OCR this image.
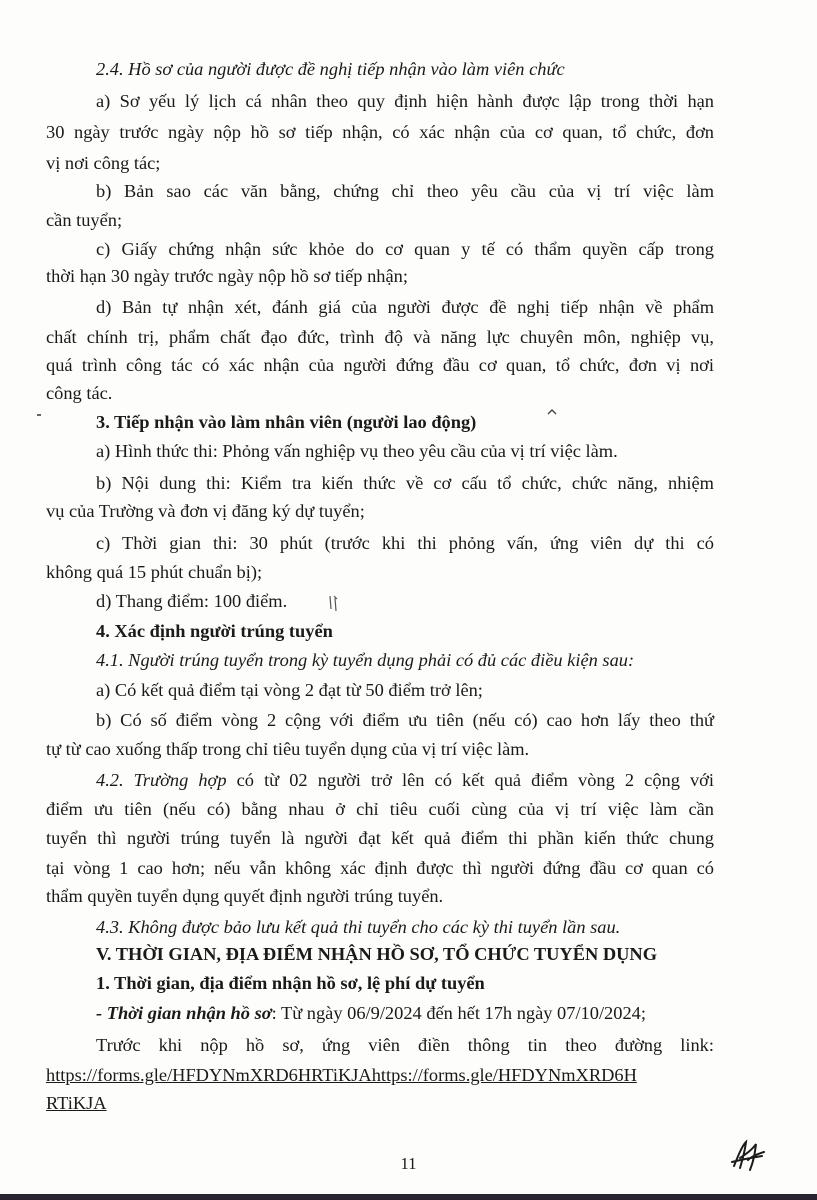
2.4. Hồ sơ của người được đề nghị tiếp nhận vào làm viên chức
a) Sơ yếu lý lịch cá nhân theo quy định hiện hành được lập trong thời hạn
30 ngày trước ngày nộp hồ sơ tiếp nhận, có xác nhận của cơ quan, tổ chức, đơn
vị nơi công tác;
b) Bản sao các văn bằng, chứng chỉ theo yêu cầu của vị trí việc làm
cần tuyển;
c) Giấy chứng nhận sức khỏe do cơ quan y tế có thẩm quyền cấp trong
thời hạn 30 ngày trước ngày nộp hồ sơ tiếp nhận;
d) Bản tự nhận xét, đánh giá của người được đề nghị tiếp nhận về phẩm
chất chính trị, phẩm chất đạo đức, trình độ và năng lực chuyên môn, nghiệp vụ,
quá trình công tác có xác nhận của người đứng đầu cơ quan, tổ chức, đơn vị nơi
công tác.
3. Tiếp nhận vào làm nhân viên (người lao động)
a) Hình thức thi: Phỏng vấn nghiệp vụ theo yêu cầu của vị trí việc làm.
b) Nội dung thi: Kiểm tra kiến thức về cơ cấu tổ chức, chức năng, nhiệm
vụ của Trường và đơn vị đăng ký dự tuyển;
c) Thời gian thi: 30 phút (trước khi thi phỏng vấn, ứng viên dự thi có
không quá 15 phút chuẩn bị);
d) Thang điểm: 100 điểm.
4. Xác định người trúng tuyển
4.1. Người trúng tuyển trong kỳ tuyển dụng phải có đủ các điều kiện sau:
a) Có kết quả điểm tại vòng 2 đạt từ 50 điểm trở lên;
b) Có số điểm vòng 2 cộng với điểm ưu tiên (nếu có) cao hơn lấy theo thứ
tự từ cao xuống thấp trong chỉ tiêu tuyển dụng của vị trí việc làm.
4.2. Trường hợp có từ 02 người trở lên có kết quả điểm vòng 2 cộng với
điểm ưu tiên (nếu có) bằng nhau ở chỉ tiêu cuối cùng của vị trí việc làm cần
tuyển thì người trúng tuyển là người đạt kết quả điểm thi phần kiến thức chung
tại vòng 1 cao hơn; nếu vẫn không xác định được thì người đứng đầu cơ quan có
thẩm quyền tuyển dụng quyết định người trúng tuyển.
4.3. Không được bảo lưu kết quả thi tuyển cho các kỳ thi tuyển lần sau.
V. THỜI GIAN, ĐỊA ĐIỂM NHẬN HỒ SƠ, TỔ CHỨC TUYỂN DỤNG
1. Thời gian, địa điểm nhận hồ sơ, lệ phí dự tuyển
- Thời gian nhận hồ sơ: Từ ngày 06/9/2024 đến hết 17h ngày 07/10/2024;
Trước khi nộp hồ sơ, ứng viên điền thông tin theo đường link:
https://forms.gle/HFDYNmXRD6HRTiKJAhttps://forms.gle/HFDYNmXRD6H
RTiKJA
11
